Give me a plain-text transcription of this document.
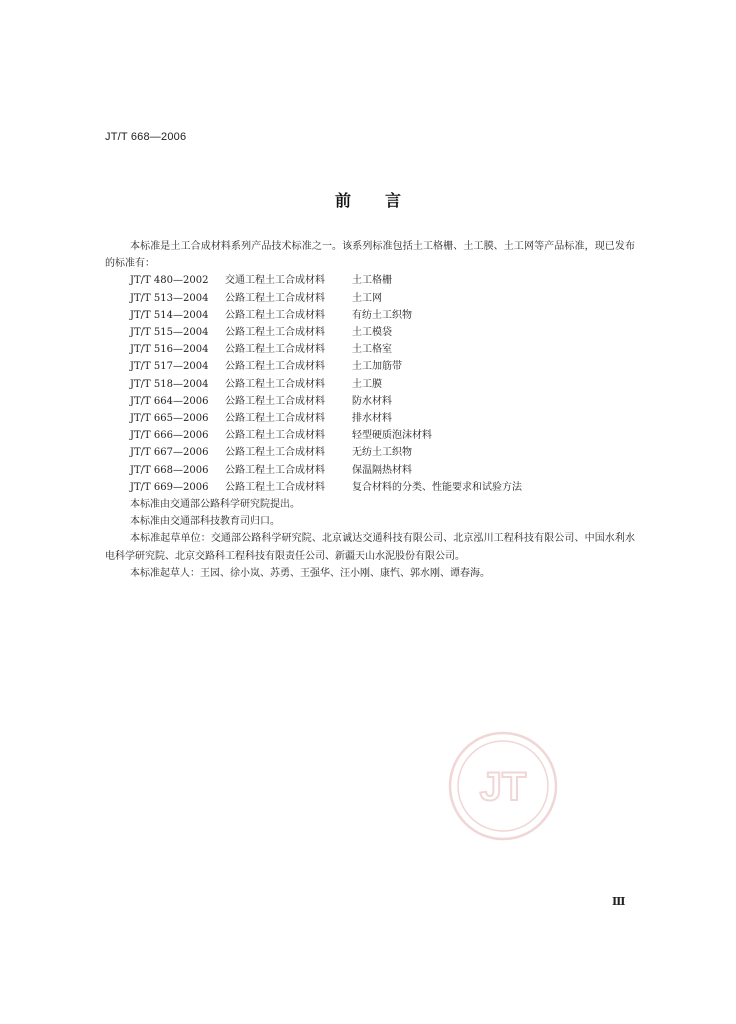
JT/T 668—2006
前言

本标准是土工合成材料系列产品技术标准之一。该系列标准包括土工格栅、土工膜、土工网等产品标准，现已发布的标准有：

JT/T 480—2002	交通工程土工合成材料	土工格栅
JT/T 513—2004	公路工程土工合成材料	土工网
JT/T 514—2004	公路工程土工合成材料	有纺土工织物
JT/T 515—2004	公路工程土工合成材料	土工模袋
JT/T 516—2004	公路工程土工合成材料	土工格室
JT/T 517—2004	公路工程土工合成材料	土工加筋带
JT/T 518—2004	公路工程土工合成材料	土工膜
JT/T 664—2006	公路工程土工合成材料	防水材料
JT/T 665—2006	公路工程土工合成材料	排水材料
JT/T 666—2006	公路工程土工合成材料	轻型硬质泡沫材料
JT/T 667—2006	公路工程土工合成材料	无纺土工织物
JT/T 668—2006	公路工程土工合成材料	保温隔热材料
JT/T 669—2006	公路工程土工合成材料	复合材料的分类、性能要求和试验方法

本标准由交通部公路科学研究院提出。

本标准由交通部科技教育司归口。

本标准起草单位：交通部公路科学研究院、北京诚达交通科技有限公司、北京泓川工程科技有限公司、中国水利水电科学研究院、北京交路科工程科技有限责任公司、新疆天山水泥股份有限公司。

本标准起草人：王园、徐小岚、苏勇、王强华、汪小刚、康忾、郭水刚、谭春海。

JT
Ⅲ
